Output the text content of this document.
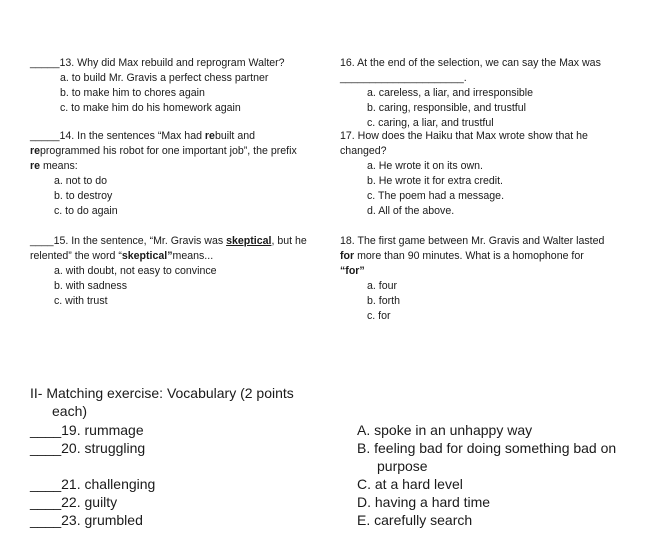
_____13. Why did Max rebuild and reprogram Walter?
a. to build Mr. Gravis a perfect chess partner
b. to make him to chores again
c. to make him do his homework again
_____14. In the sentences “Max had rebuilt and
reprogrammed his robot for one important job”, the prefix
re means:
a. not to do
b. to destroy
c. to do again
____15. In the sentence, “Mr. Gravis was skeptical, but he
relented” the word “skeptical”means...
a. with doubt, not easy to convince
b. with sadness
c. with trust
16. At the end of the selection, we can say the Max was
_____________________.
a. careless, a liar, and irresponsible
b. caring, responsible, and trustful
c. caring, a liar, and trustful
17. How does the Haiku that Max wrote show that he
changed?
a. He wrote it on its own.
b. He wrote it for extra credit.
c. The poem had a message.
d. All of the above.
18. The first game between Mr. Gravis and Walter lasted
for more than 90 minutes. What is a homophone for
“for”
a. four
b. forth
c. for
II- Matching exercise: Vocabulary (2 points
each)
____19. rummage
____20. struggling
____21. challenging
____22. guilty
____23. grumbled
A. spoke in an unhappy way
B. feeling bad for doing something bad on
purpose
C. at a hard level
D. having a hard time
E. carefully search
